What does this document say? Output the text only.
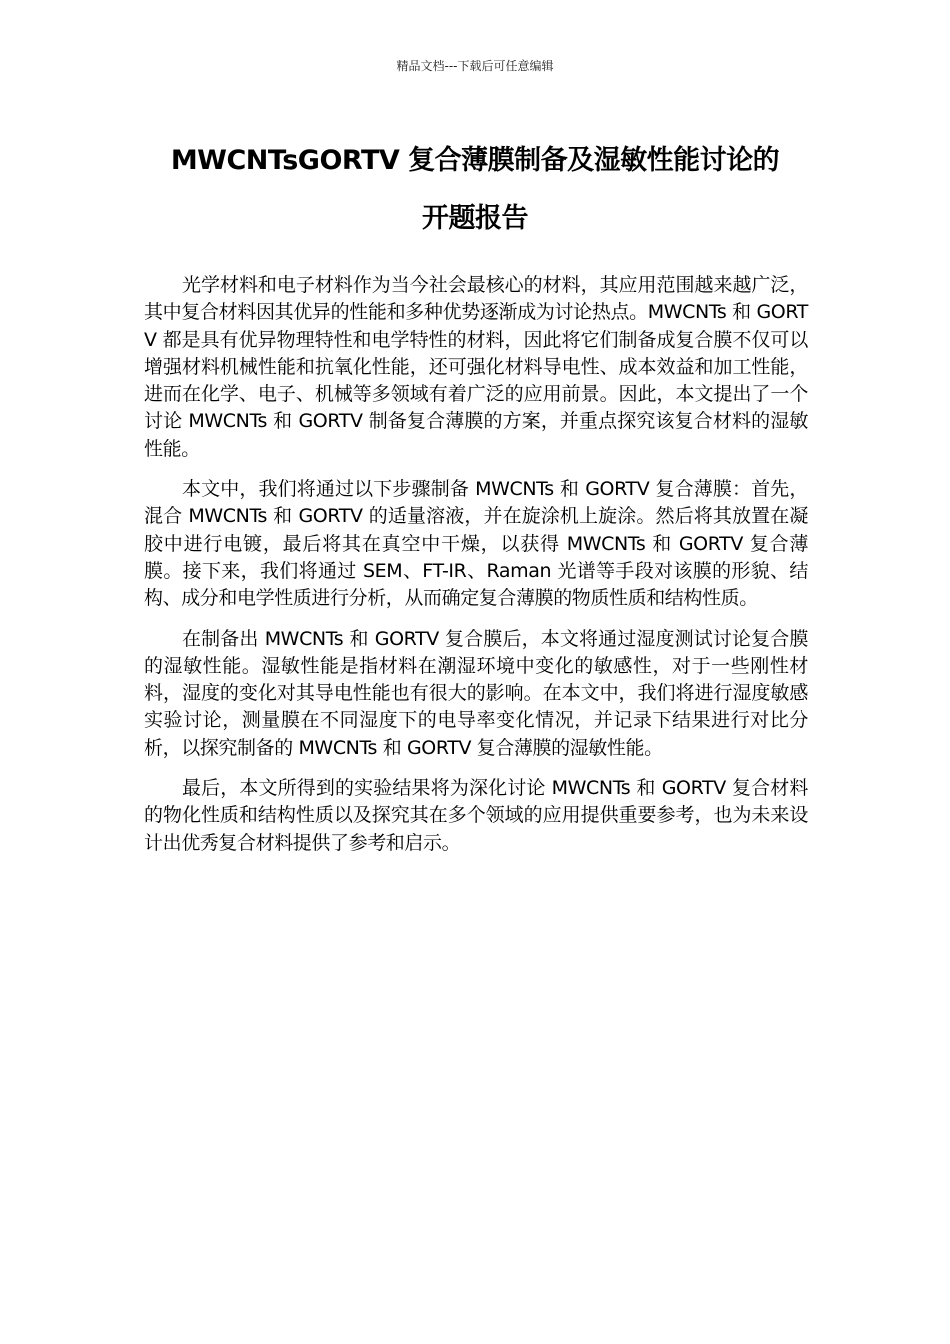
精品文档---下载后可任意编辑
MWCNTsGORTV 复合薄膜制备及湿敏性能讨论的
开题报告

光学材料和电子材料作为当今社会最核心的材料，其应用范围越来越广泛，其中复合材料因其优异的性能和多种优势逐渐成为讨论热点。MWCNTs 和 GORTV 都是具有优异物理特性和电学特性的材料，因此将它们制备成复合膜不仅可以增强材料机械性能和抗氧化性能，还可强化材料导电性、成本效益和加工性能，进而在化学、电子、机械等多领域有着广泛的应用前景。因此，本文提出了一个讨论 MWCNTs 和 GORTV 制备复合薄膜的方案，并重点探究该复合材料的湿敏性能。

本文中，我们将通过以下步骤制备 MWCNTs 和 GORTV 复合薄膜：首先，混合 MWCNTs 和 GORTV 的适量溶液，并在旋涂机上旋涂。然后将其放置在凝胶中进行电镀，最后将其在真空中干燥，以获得 MWCNTs 和 GORTV 复合薄膜。接下来，我们将通过 SEM、FT-IR、Raman 光谱等手段对该膜的形貌、结构、成分和电学性质进行分析，从而确定复合薄膜的物质性质和结构性质。

在制备出 MWCNTs 和 GORTV 复合膜后，本文将通过湿度测试讨论复合膜的湿敏性能。湿敏性能是指材料在潮湿环境中变化的敏感性，对于一些刚性材料，湿度的变化对其导电性能也有很大的影响。在本文中，我们将进行湿度敏感实验讨论，测量膜在不同湿度下的电导率变化情况，并记录下结果进行对比分析，以探究制备的 MWCNTs 和 GORTV 复合薄膜的湿敏性能。

最后，本文所得到的实验结果将为深化讨论 MWCNTs 和 GORTV 复合材料的物化性质和结构性质以及探究其在多个领域的应用提供重要参考，也为未来设计出优秀复合材料提供了参考和启示。
